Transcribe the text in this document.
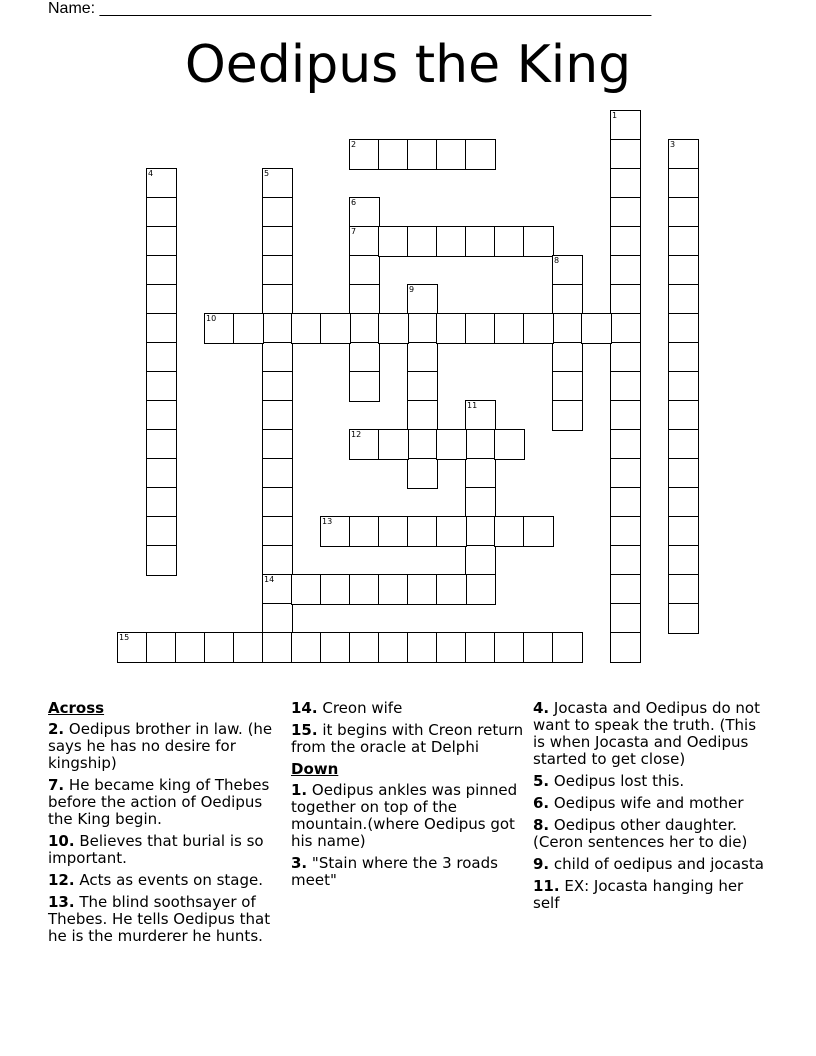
Name: ______________________________________________________________
Oedipus the King
1
2	3
4	5
14
6
7
8
9
10
11
12
13
15
Across
2. Oedipus brother in law. (he says he has no desire for kingship)
7. He became king of Thebes before the action of Oedipus the King begin.
10. Believes that burial is so important.
12. Acts as events on stage.
13. The blind soothsayer of Thebes. He tells Oedipus that he is the murderer he hunts.
14. Creon wife
15. it begins with Creon return from the oracle at Delphi
Down
1. Oedipus ankles was pinned together on top of the mountain.(where Oedipus got his name)
3. "Stain where the 3 roads meet"
4. Jocasta and Oedipus do not want to speak the truth. (This is when Jocasta and Oedipus started to get close)
5. Oedipus lost this.
6. Oedipus wife and mother
8. Oedipus other daughter. (Ceron sentences her to die)
9. child of oedipus and jocasta
11. EX: Jocasta hanging her self
